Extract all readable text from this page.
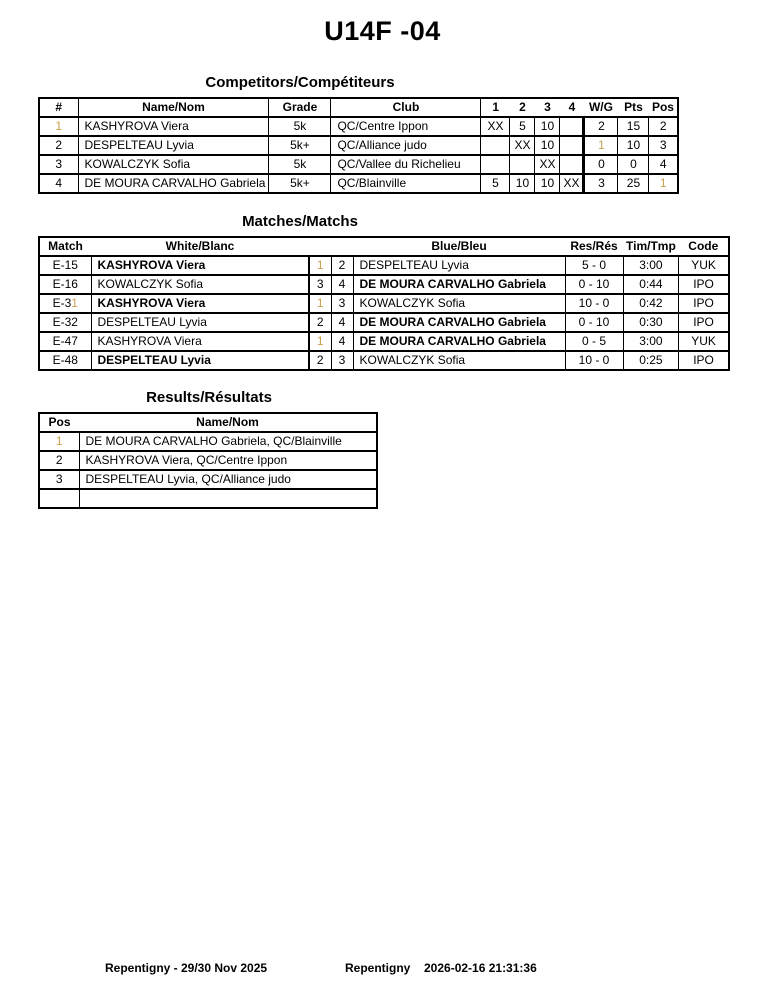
U14F -04
Competitors/Compétiteurs
#	Name/Nom	Grade	Club	1	2	3	4	W/G	Pts	Pos
1	KASHYROVA Viera	5k	QC/Centre Ippon	XX	5	10		2	15	2
2	DESPELTEAU Lyvia	5k+	QC/Alliance judo		XX	10		1	10	3
3	KOWALCZYK Sofia	5k	QC/Vallee du Richelieu			XX		0	0	4
4	DE MOURA CARVALHO Gabriela	5k+	QC/Blainville	5	10	10	XX	3	25	1
Matches/Matchs
Match	White/Blanc			Blue/Bleu	Res/Rés	Tim/Tmp	Code
E-15	KASHYROVA Viera	1	2	DESPELTEAU Lyvia	5 - 0	3:00	YUK
E-16	KOWALCZYK Sofia	3	4	DE MOURA CARVALHO Gabriela	0 - 10	0:44	IPO
E-31	KASHYROVA Viera	1	3	KOWALCZYK Sofia	10 - 0	0:42	IPO
E-32	DESPELTEAU Lyvia	2	4	DE MOURA CARVALHO Gabriela	0 - 10	0:30	IPO
E-47	KASHYROVA Viera	1	4	DE MOURA CARVALHO Gabriela	0 - 5	3:00	YUK
E-48	DESPELTEAU Lyvia	2	3	KOWALCZYK Sofia	10 - 0	0:25	IPO
Results/Résultats
Pos	Name/Nom
1	DE MOURA CARVALHO Gabriela, QC/Blainville
2	KASHYROVA Viera, QC/Centre Ippon
3	DESPELTEAU Lyvia, QC/Alliance judo

Repentigny - 29/30 Nov 2025	Repentigny 2026-02-16 21:31:36
